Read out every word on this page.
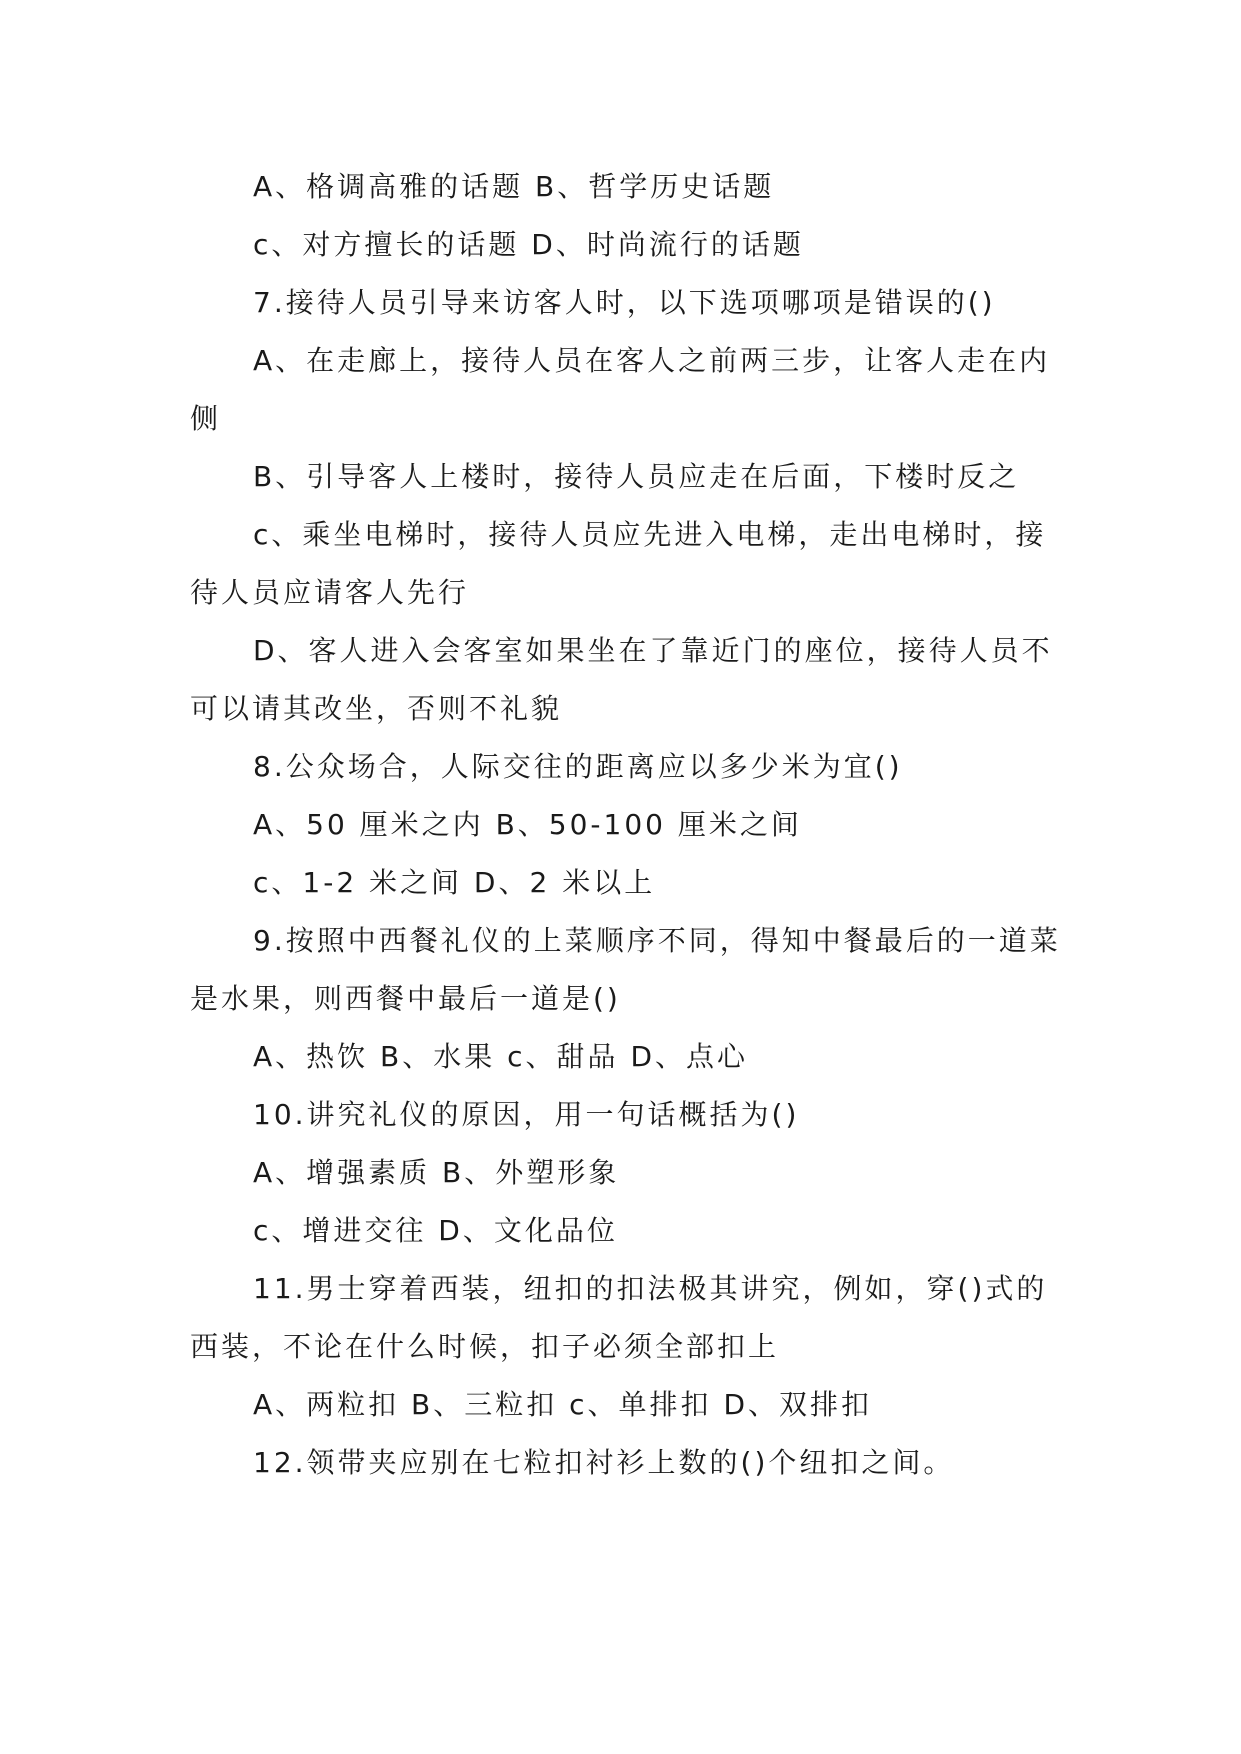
A、格调高雅的话题 B、哲学历史话题

c、对方擅长的话题 D、时尚流行的话题

7.接待人员引导来访客人时，以下选项哪项是错误的()

A、在走廊上，接待人员在客人之前两三步，让客人走在内侧

B、引导客人上楼时，接待人员应走在后面，下楼时反之

c、乘坐电梯时，接待人员应先进入电梯，走出电梯时，接待人员应请客人先行

D、客人进入会客室如果坐在了靠近门的座位，接待人员不可以请其改坐，否则不礼貌

8.公众场合，人际交往的距离应以多少米为宜()

A、50 厘米之内 B、50-100 厘米之间

c、1-2 米之间 D、2 米以上

9.按照中西餐礼仪的上菜顺序不同，得知中餐最后的一道菜是水果，则西餐中最后一道是()

A、热饮 B、水果 c、甜品 D、点心

10.讲究礼仪的原因，用一句话概括为()

A、增强素质 B、外塑形象

c、增进交往 D、文化品位

11.男士穿着西装，纽扣的扣法极其讲究，例如，穿()式的西装，不论在什么时候，扣子必须全部扣上

A、两粒扣 B、三粒扣 c、单排扣 D、双排扣

12.领带夹应别在七粒扣衬衫上数的()个纽扣之间。
